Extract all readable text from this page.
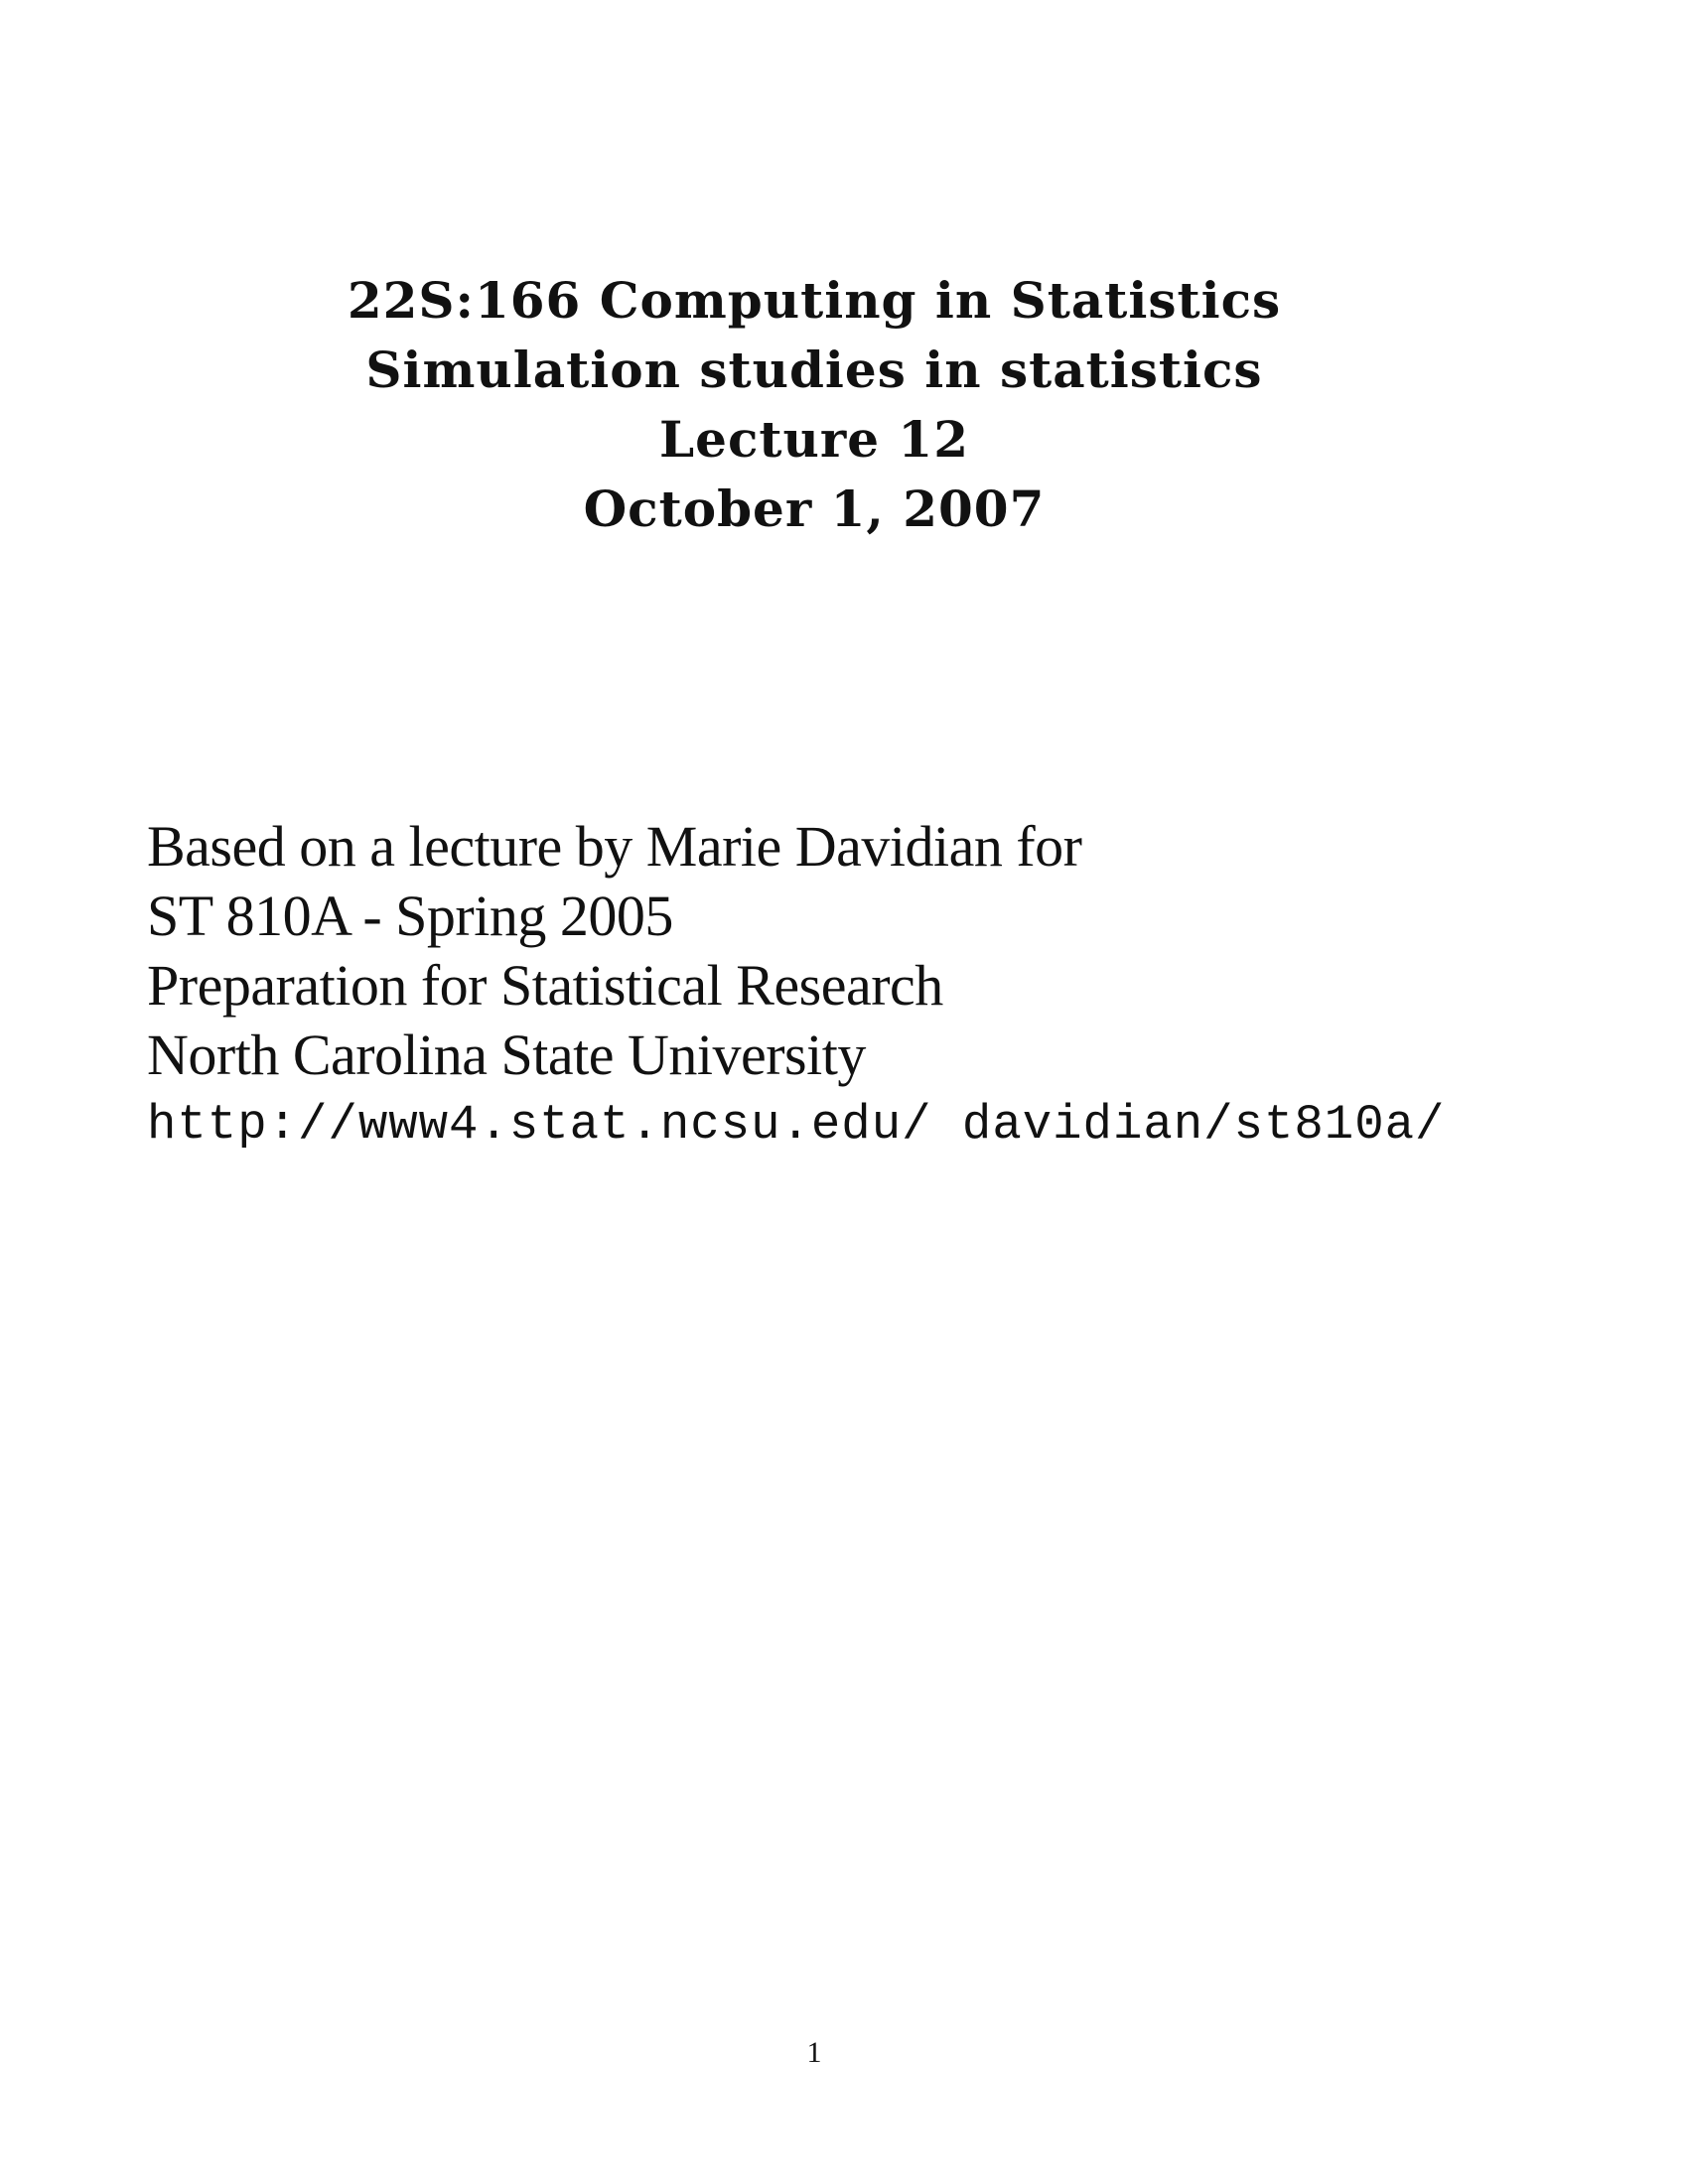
22S:166 Computing in Statistics
Simulation studies in statistics
Lecture 12
October 1, 2007
Based on a lecture by Marie Davidian for
ST 810A - Spring 2005
Preparation for Statistical Research
North Carolina State University
http://www4.stat.ncsu.edu/ davidian/st810a/
1
